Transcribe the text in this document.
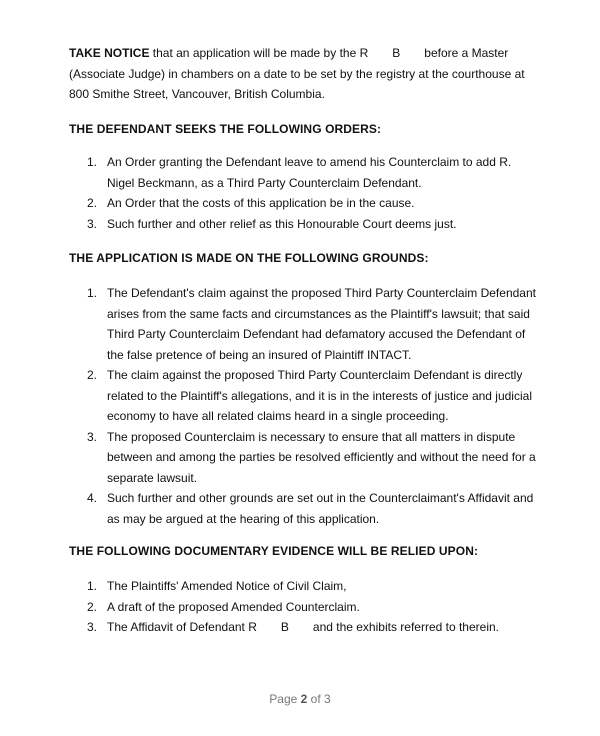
TAKE NOTICE that an application will be made by the R B before a Master (Associate Judge) in chambers on a date to be set by the registry at the courthouse at 800 Smithe Street, Vancouver, British Columbia.

THE DEFENDANT SEEKS THE FOLLOWING ORDERS:

1. An Order granting the Defendant leave to amend his Counterclaim to add R. Nigel Beckmann, as a Third Party Counterclaim Defendant.
2. An Order that the costs of this application be in the cause.
3. Such further and other relief as this Honourable Court deems just.

THE APPLICATION IS MADE ON THE FOLLOWING GROUNDS:

1. The Defendant's claim against the proposed Third Party Counterclaim Defendant arises from the same facts and circumstances as the Plaintiff's lawsuit; that said Third Party Counterclaim Defendant had defamatory accused the Defendant of the false pretence of being an insured of Plaintiff INTACT.
2. The claim against the proposed Third Party Counterclaim Defendant is directly related to the Plaintiff's allegations, and it is in the interests of justice and judicial economy to have all related claims heard in a single proceeding.
3. The proposed Counterclaim is necessary to ensure that all matters in dispute between and among the parties be resolved efficiently and without the need for a separate lawsuit.
4. Such further and other grounds are set out in the Counterclaimant's Affidavit and as may be argued at the hearing of this application.

THE FOLLOWING DOCUMENTARY EVIDENCE WILL BE RELIED UPON:

1. The Plaintiffs' Amended Notice of Civil Claim,
2. A draft of the proposed Amended Counterclaim.
3. The Affidavit of Defendant R B and the exhibits referred to therein.
Page 2 of 3
